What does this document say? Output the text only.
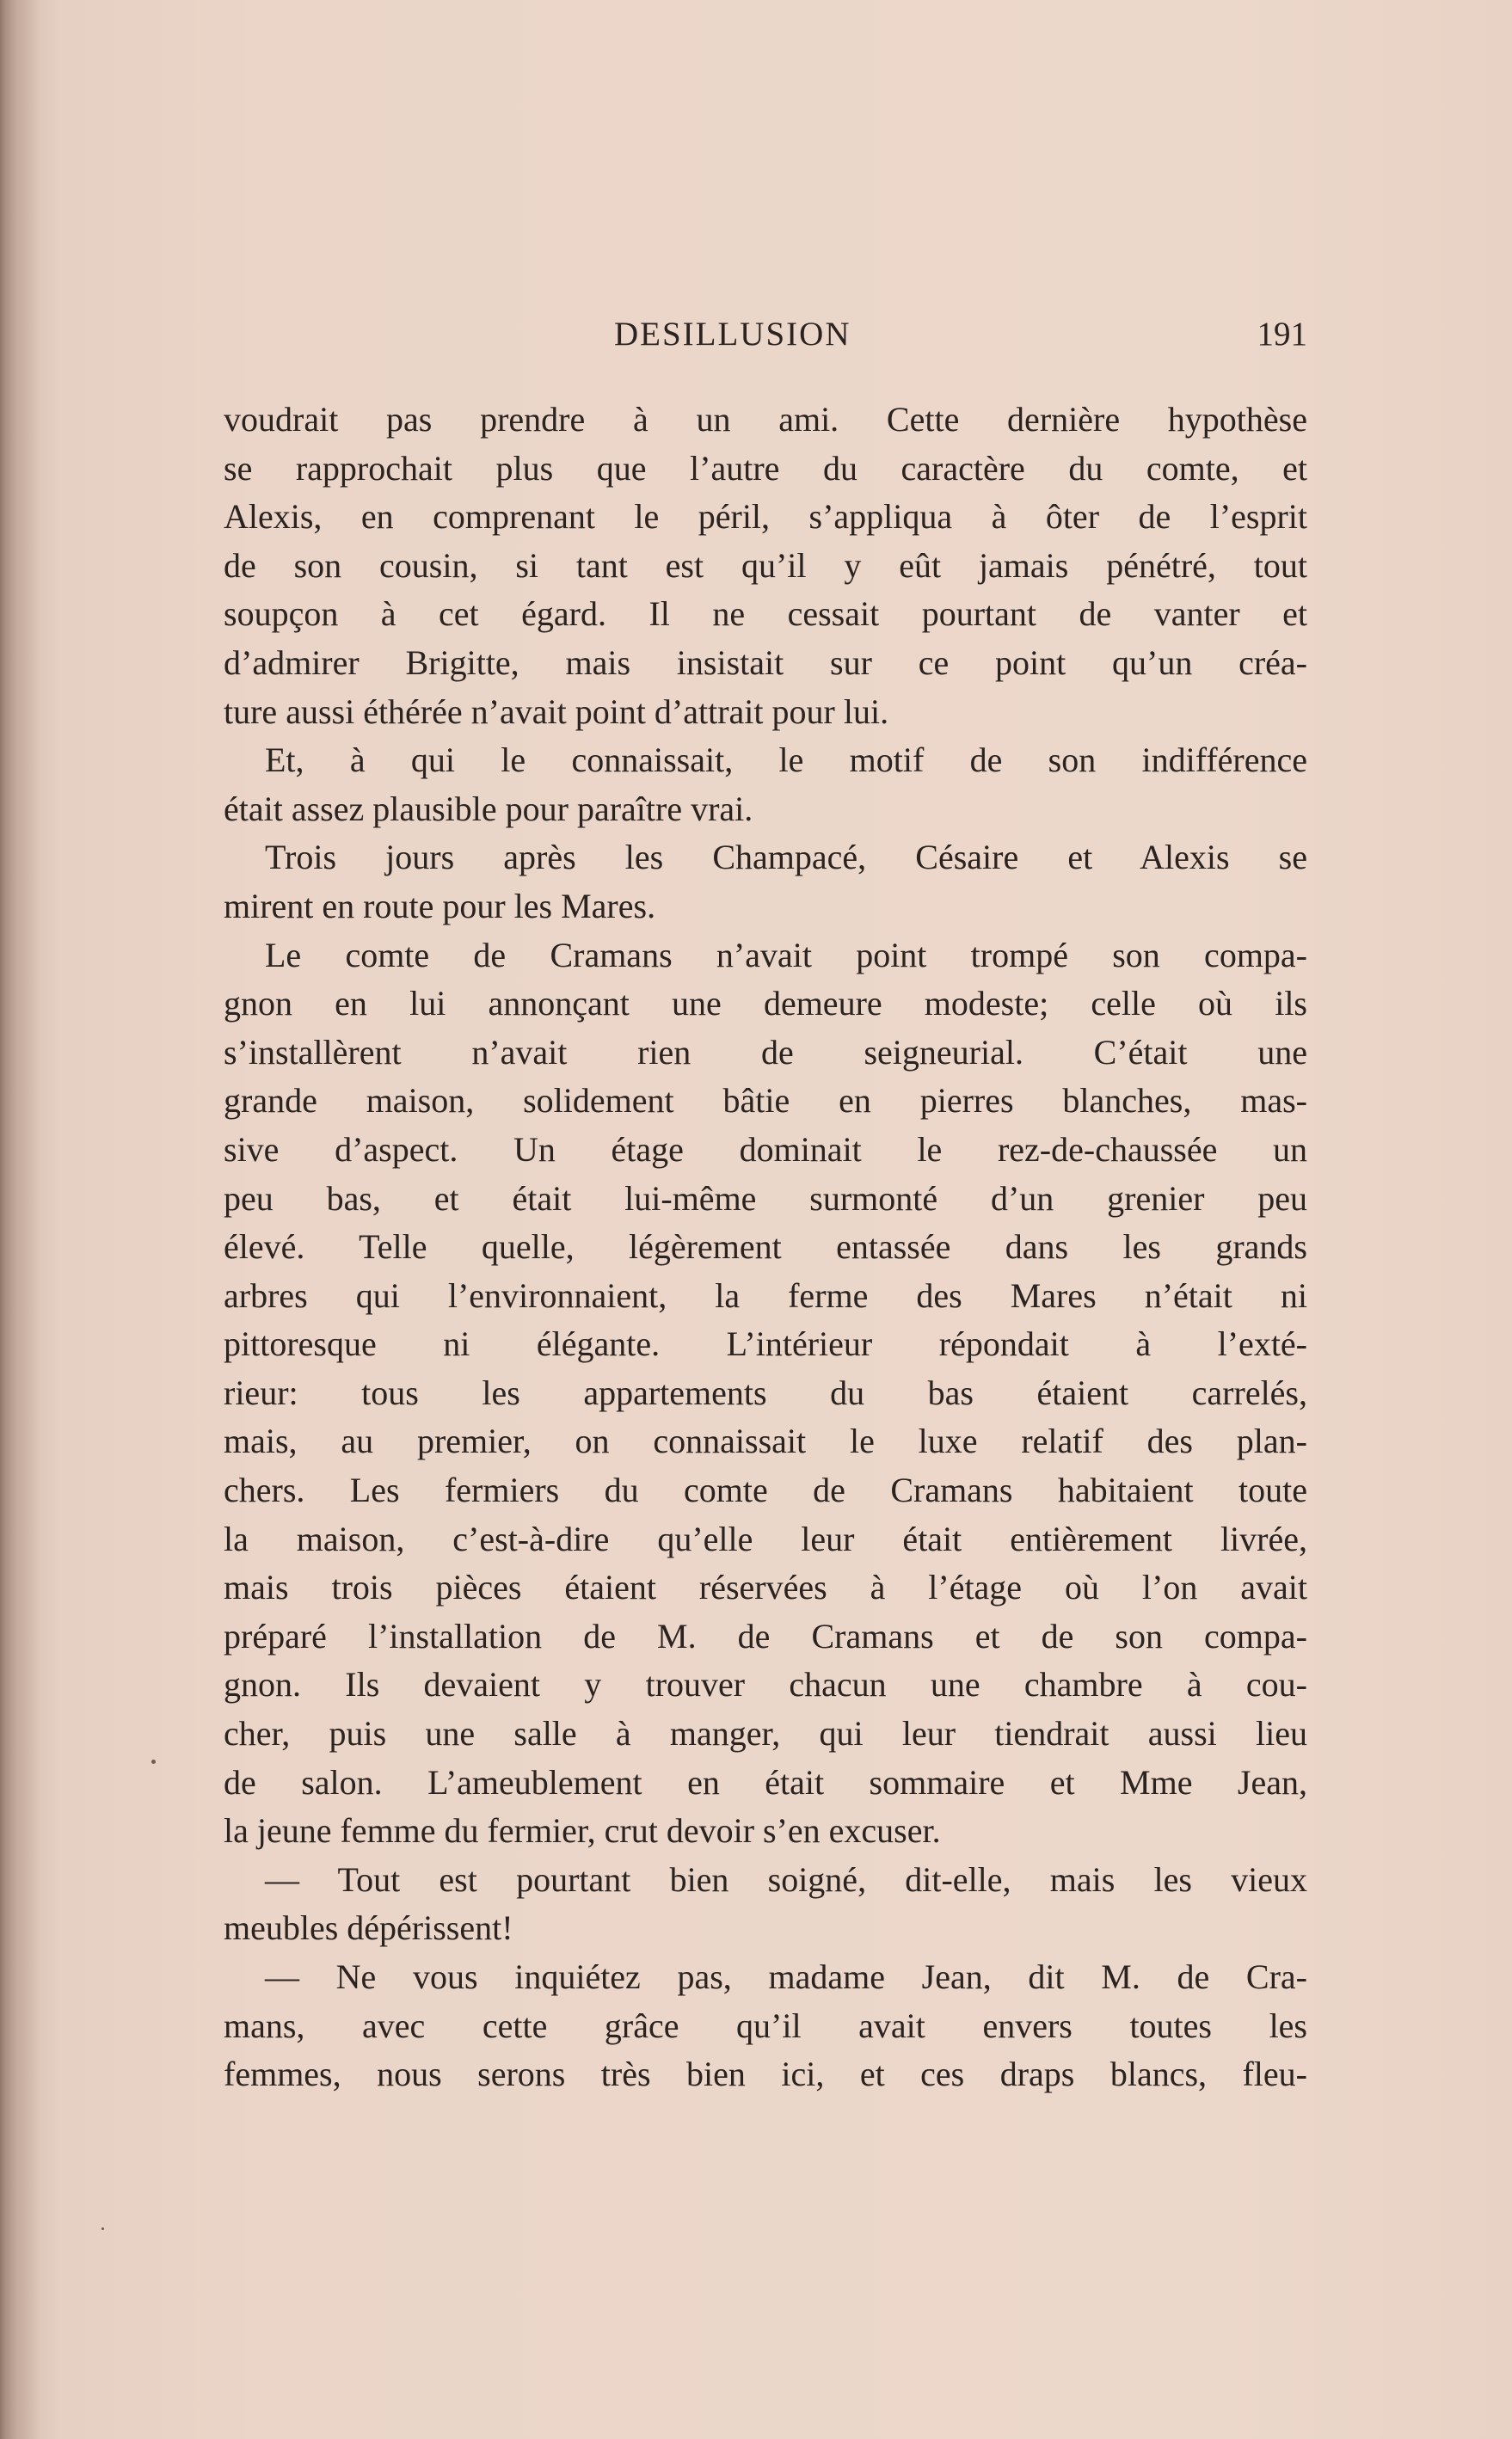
DESILLUSION	191
voudrait pas prendre à un ami. Cette dernière hypothèse
se rapprochait plus que l’autre du caractère du comte, et
Alexis, en comprenant le péril, s’appliqua à ôter de l’esprit
de son cousin, si tant est qu’il y eût jamais pénétré, tout
soupçon à cet égard. Il ne cessait pourtant de vanter et
d’admirer Brigitte, mais insistait sur ce point qu’un créa-
ture aussi éthérée n’avait point d’attrait pour lui.
Et, à qui le connaissait, le motif de son indifférence
était assez plausible pour paraître vrai.
Trois jours après les Champacé, Césaire et Alexis se
mirent en route pour les Mares.
Le comte de Cramans n’avait point trompé son compa-
gnon en lui annonçant une demeure modeste; celle où ils
s’installèrent n’avait rien de seigneurial. C’était une
grande maison, solidement bâtie en pierres blanches, mas-
sive d’aspect. Un étage dominait le rez-de-chaussée un
peu bas, et était lui-même surmonté d’un grenier peu
élevé. Telle quelle, légèrement entassée dans les grands
arbres qui l’environnaient, la ferme des Mares n’était ni
pittoresque ni élégante. L’intérieur répondait à l’exté-
rieur: tous les appartements du bas étaient carrelés,
mais, au premier, on connaissait le luxe relatif des plan-
chers. Les fermiers du comte de Cramans habitaient toute
la maison, c’est-à-dire qu’elle leur était entièrement livrée,
mais trois pièces étaient réservées à l’étage où l’on avait
préparé l’installation de M. de Cramans et de son compa-
gnon. Ils devaient y trouver chacun une chambre à cou-
cher, puis une salle à manger, qui leur tiendrait aussi lieu
de salon. L’ameublement en était sommaire et Mme Jean,
la jeune femme du fermier, crut devoir s’en excuser.
— Tout est pourtant bien soigné, dit-elle, mais les vieux
meubles dépérissent!
— Ne vous inquiétez pas, madame Jean, dit M. de Cra-
mans, avec cette grâce qu’il avait envers toutes les
femmes, nous serons très bien ici, et ces draps blancs, fleu-
